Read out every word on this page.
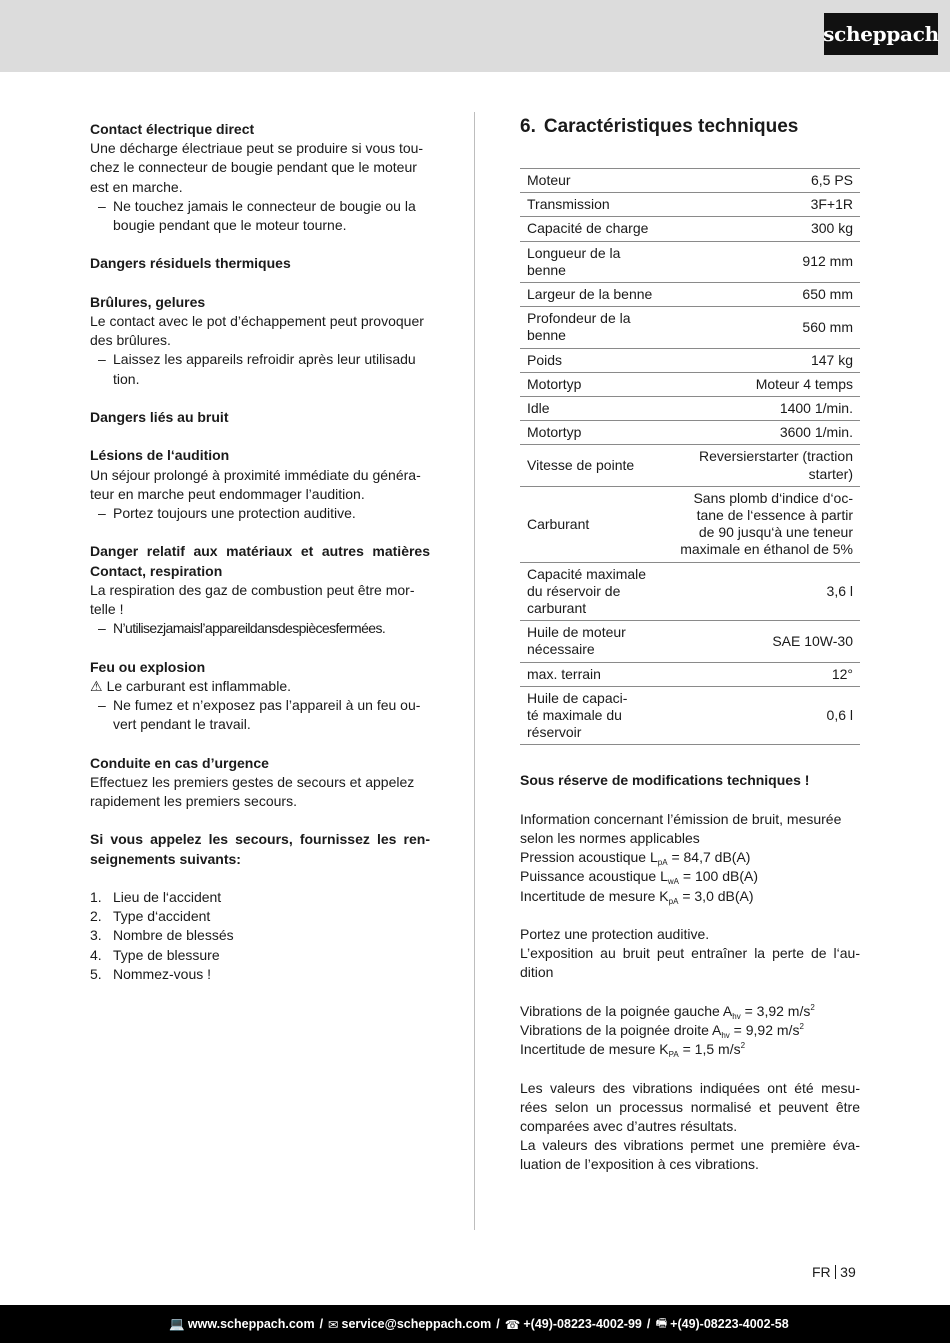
scheppach
Contact électrique direct
Une décharge électriaue peut se produire si vous tou-
chez le connecteur de bougie pendant que le moteur
est en marche.
– Ne touchez jamais le connecteur de bougie ou la
bougie pendant que le moteur tourne.
Dangers résiduels thermiques
Brûlures, gelures
Le contact avec le pot d’échappement peut provoquer
des brûlures.
– Laissez les appareils refroidir après leur utilisadu
tion.
Dangers liés au bruit
Lésions de l‘audition
Un séjour prolongé à proximité immédiate du généra-
teur en marche peut endommager l’audition.
– Portez toujours une protection auditive.
Danger relatif aux matériaux et autres matières
Contact, respiration
La respiration des gaz de combustion peut être mor-
telle !
– N’utilisezjamaisl’appareildansdespiècesfermées.
Feu ou explosion
⚠ Le carburant est inflammable.
– Ne fumez et n’exposez pas l’appareil à un feu ou-
vert pendant le travail.
Conduite en cas d’urgence
Effectuez les premiers gestes de secours et appelez
rapidement les premiers secours.
Si vous appelez les secours, fournissez les ren-
seignements suivants:
1. Lieu de l‘accident
2. Type d‘accident
3. Nombre de blessés
4. Type de blessure
5. Nommez-vous !
6. Caractéristiques techniques
Moteur	6,5 PS

Transmission	3F+1R

Capacité de charge	300 kg

Longueur de la
benne	912 mm

Largeur de la benne	650 mm

Profondeur de la
benne	560 mm

Poids	147 kg

Motortyp	Moteur 4 temps

Idle	1400 1/min.

Motortyp	3600 1/min.

Vitesse de pointe	Reversierstarter (traction
starter)

Carburant	Sans plomb d‘indice d‘oc-
tane de l‘essence à partir
de 90 jusqu‘à une teneur
maximale en éthanol de 5%

Capacité maximale
du réservoir de
carburant	3,6 l

Huile de moteur
nécessaire	SAE 10W-30

max. terrain	12°

Huile de capaci-
té maximale du
réservoir	0,6 l
Sous réserve de modifications techniques !
Information concernant l’émission de bruit, mesurée
selon les normes applicables
Pression acoustique $L_{pA} = 84,7$ dB(A)
Puissance acoustique $L_{wA} = 100$ dB(A)
Incertitude de mesure $K_{pA} = 3,0$ dB(A)
Portez une protection auditive.
L’exposition au bruit peut entraîner la perte de l‘au-
dition
Vibrations de la poignée gauche $A_{hv} = 3,92$ $m/s^2$
Vibrations de la poignée droite $A_{hv} = 9,92$ $m/s^2$
Incertitude de mesure $K_{PA} = 1,5$ $m/s^2$
Les valeurs des vibrations indiquées ont été mesu-
rées selon un processus normalisé et peuvent être
comparées avec d’autres résultats.
La valeurs des vibrations permet une première éva-
luation de l’exposition à ces vibrations.
FR 39
💻 www.scheppach.com / ✉ service@scheppach.com / ☎ +(49)-08223-4002-99 / 🖷 +(49)-08223-4002-58
